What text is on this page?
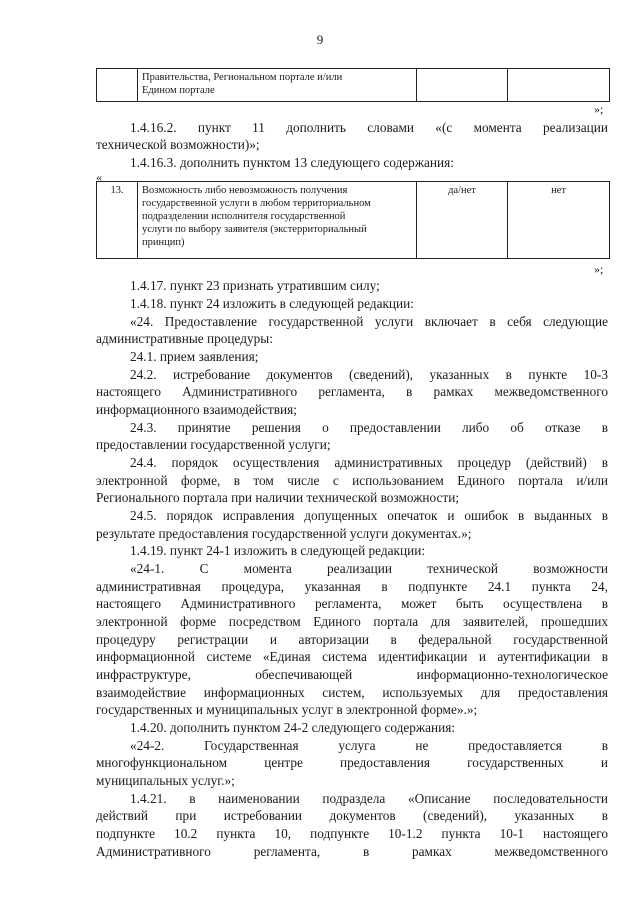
9

Правительства, Региональном портале и/или
Едином портале

»;
1.4.16.2. пункт 11 дополнить словами «(с момента реализации
технической возможности)»;
1.4.16.3. дополнить пунктом 13 следующего содержания:
«
13.	Возможность либо невозможность получения
государственной услуги в любом территориальном
подразделении исполнителя государственной
услуги по выбору заявителя (экстерриториальный
принцип)
	да/нет	нет
»;
1.4.17. пункт 23 признать утратившим силу;
1.4.18. пункт 24 изложить в следующей редакции:
«24. Предоставление государственной услуги включает в себя следующие
административные процедуры:
24.1. прием заявления;
24.2. истребование документов (сведений), указанных в пункте 10-3
настоящего Административного регламента, в рамках межведомственного
информационного взаимодействия;
24.3. принятие решения о предоставлении либо об отказе в
предоставлении государственной услуги;
24.4. порядок осуществления административных процедур (действий) в
электронной форме, в том числе с использованием Единого портала и/или
Регионального портала при наличии технической возможности;
24.5. порядок исправления допущенных опечаток и ошибок в выданных в
результате предоставления государственной услуги документах.»;
1.4.19. пункт 24-1 изложить в следующей редакции:
«24-1. С момента реализации технической возможности
административная процедура, указанная в подпункте 24.1 пункта 24,
настоящего Административного регламента, может быть осуществлена в
электронной форме посредством Единого портала для заявителей, прошедших
процедуру регистрации и авторизации в федеральной государственной
информационной системе «Единая система идентификации и аутентификации в
инфраструктуре, обеспечивающей информационно-технологическое
взаимодействие информационных систем, используемых для предоставления
государственных и муниципальных услуг в электронной форме».»;
1.4.20. дополнить пунктом 24-2 следующего содержания:
«24-2. Государственная услуга не предоставляется в
многофункциональном центре предоставления государственных и
муниципальных услуг.»;
1.4.21. в наименовании подраздела «Описание последовательности
действий при истребовании документов (сведений), указанных в
подпункте 10.2 пункта 10, подпункте 10-1.2 пункта 10-1 настоящего
Административного регламента, в рамках межведомственного
